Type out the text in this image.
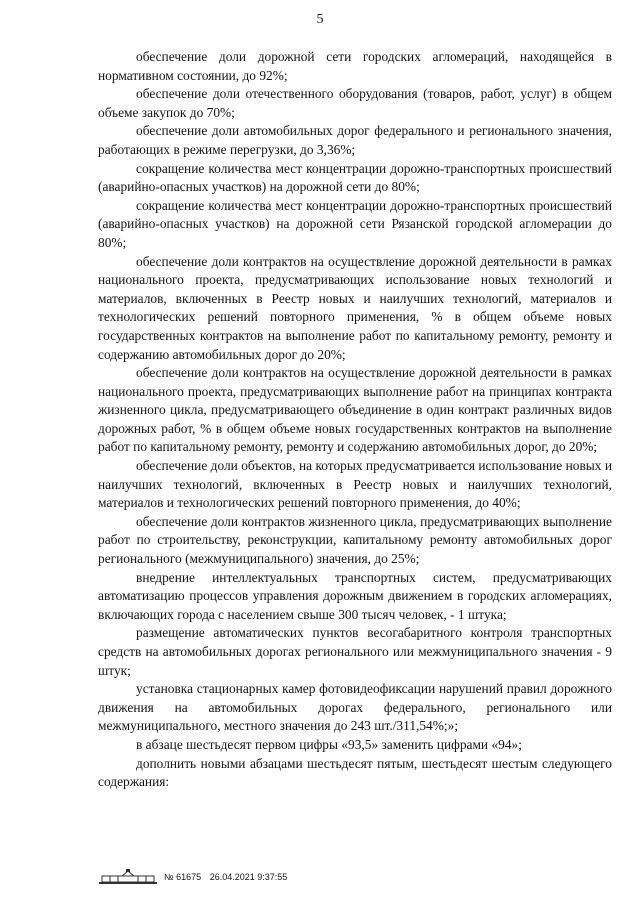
5

обеспечение доли дорожной сети городских агломераций, находящейся в нормативном состоянии, до 92%;

обеспечение доли отечественного оборудования (товаров, работ, услуг) в общем объеме закупок до 70%;

обеспечение доли автомобильных дорог федерального и регионального значения, работающих в режиме перегрузки, до 3,36%;

сокращение количества мест концентрации дорожно-транспортных происшествий (аварийно-опасных участков) на дорожной сети до 80%;

сокращение количества мест концентрации дорожно-транспортных происшествий (аварийно-опасных участков) на дорожной сети Рязанской городской агломерации до 80%;

обеспечение доли контрактов на осуществление дорожной деятельности в рамках национального проекта, предусматривающих использование новых технологий и материалов, включенных в Реестр новых и наилучших технологий, материалов и технологических решений повторного применения, % в общем объеме новых государственных контрактов на выполнение работ по капитальному ремонту, ремонту и содержанию автомобильных дорог до 20%;

обеспечение доли контрактов на осуществление дорожной деятельности в рамках национального проекта, предусматривающих выполнение работ на принципах контракта жизненного цикла, предусматривающего объединение в один контракт различных видов дорожных работ, % в общем объеме новых государственных контрактов на выполнение работ по капитальному ремонту, ремонту и содержанию автомобильных дорог, до 20%;

обеспечение доли объектов, на которых предусматривается использование новых и наилучших технологий, включенных в Реестр новых и наилучших технологий, материалов и технологических решений повторного применения, до 40%;

обеспечение доли контрактов жизненного цикла, предусматривающих выполнение работ по строительству, реконструкции, капитальному ремонту автомобильных дорог регионального (межмуниципального) значения, до 25%;

внедрение интеллектуальных транспортных систем, предусматривающих автоматизацию процессов управления дорожным движением в городских агломерациях, включающих города с населением свыше 300 тысяч человек, - 1 штука;

размещение автоматических пунктов весогабаритного контроля транспортных средств на автомобильных дорогах регионального или межмуниципального значения - 9 штук;

установка стационарных камер фотовидеофиксации нарушений правил дорожного движения на автомобильных дорогах федерального, регионального или межмуниципального, местного значения до 243 шт./311,54%;»;

в абзаце шестьдесят первом цифры «93,5» заменить цифрами «94»;

дополнить новыми абзацами шестьдесят пятым, шестьдесят шестым следующего содержания:

№ 61675 26.04.2021 9:37:55
